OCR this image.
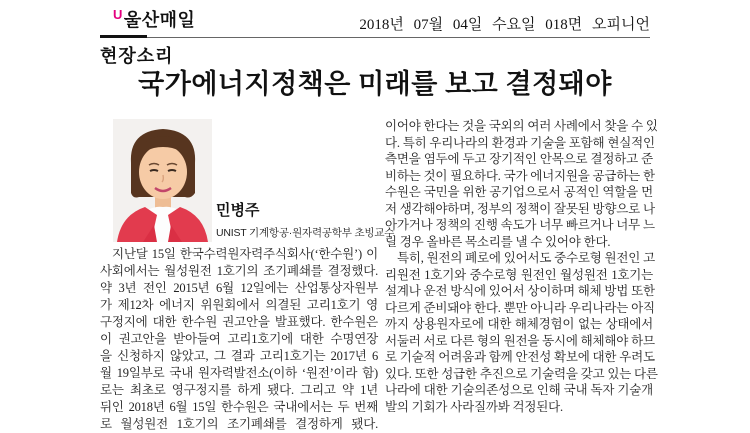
$^U$울산매일	2018년 07월 04일 수요일 018면 오피니언
현장소리
국가에너지정책은 미래를 보고 결정돼야
민병주
UNIST 기계항공·원자력공학부 초빙교수
지난달 15일 한국수력원자력주식회사(‘한수원’) 이
사회에서는 월성원전 1호기의 조기폐쇄를 결정했다.
약 3년 전인 2015년 6월 12일에는 산업통상자원부
가 제12차 에너지 위원회에서 의결된 고리1호기 영
구정지에 대한 한수원 권고안을 발표했다. 한수원은
이 권고안을 받아들여 고리1호기에 대한 수명연장
을 신청하지 않았고, 그 결과 고리1호기는 2017년 6
월 19일부로 국내 원자력발전소(이하 ‘원전’이라 함)
로는 최초로 영구정지를 하게 됐다. 그리고 약 1년
뒤인 2018년 6월 15일 한수원은 국내에서는 두 번째
로 월성원전 1호기의 조기폐쇄를 결정하게 됐다.
이어야 한다는 것을 국외의 여러 사례에서 찾을 수 있
다. 특히 우리나라의 환경과 기술을 포함해 현실적인
측면을 염두에 두고 장기적인 안목으로 결정하고 준
비하는 것이 필요하다. 국가 에너지원을 공급하는 한
수원은 국민을 위한 공기업으로서 공적인 역할을 먼
저 생각해야하며, 정부의 정책이 잘못된 방향으로 나
아가거나 정책의 진행 속도가 너무 빠르거나 너무 느
릴 경우 올바른 목소리를 낼 수 있어야 한다.
특히, 원전의 폐로에 있어서도 중수로형 원전인 고
리원전 1호기와 중수로형 원전인 월성원전 1호기는
설계나 운전 방식에 있어서 상이하며 해체 방법 또한
다르게 준비돼야 한다. 뿐만 아니라 우리나라는 아직
까지 상용원자로에 대한 해체경험이 없는 상태에서
서둘러 서로 다른 형의 원전을 동시에 해체해야 하므
로 기술적 어려움과 함께 안전성 확보에 대한 우려도
있다. 또한 성급한 추진으로 기술력을 갖고 있는 다른
나라에 대한 기술의존성으로 인해 국내 독자 기술개
발의 기회가 사라질까봐 걱정된다.
